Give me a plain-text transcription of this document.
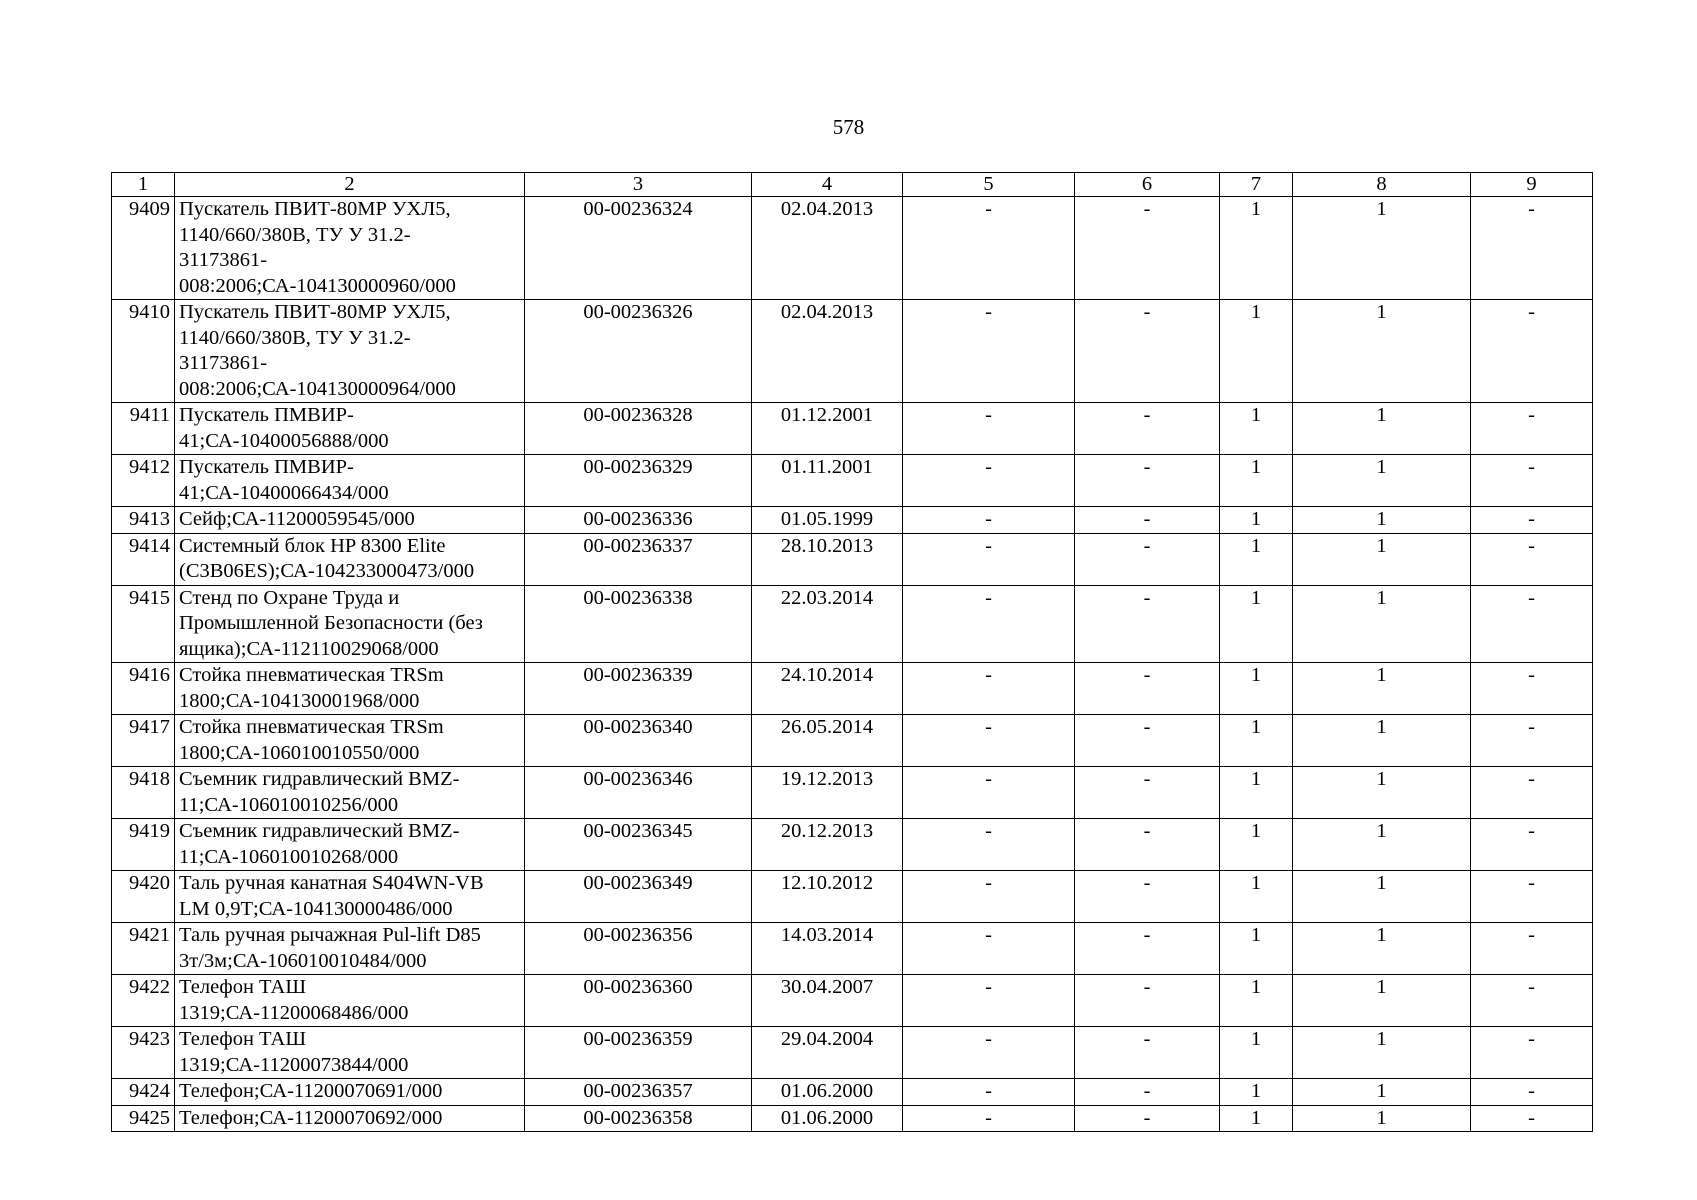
578
1	2	3	4	5	6	7	8	9
9409	Пускатель ПВИТ-80МР УХЛ5,
1140/660/380В, ТУ У 31.2-
31173861-
008:2006;СА-104130000960/000	00-00236324	02.04.2013	-	-	1	1	-
9410	Пускатель ПВИТ-80МР УХЛ5,
1140/660/380В, ТУ У 31.2-
31173861-
008:2006;СА-104130000964/000	00-00236326	02.04.2013	-	-	1	1	-
9411	Пускатель ПМВИР-
41;СА-10400056888/000	00-00236328	01.12.2001	-	-	1	1	-
9412	Пускатель ПМВИР-
41;СА-10400066434/000	00-00236329	01.11.2001	-	-	1	1	-
9413	Сейф;СА-11200059545/000	00-00236336	01.05.1999	-	-	1	1	-
9414	Системный блок HP 8300 Elite
(C3B06ES);СА-104233000473/000	00-00236337	28.10.2013	-	-	1	1	-
9415	Стенд по Охране Труда и
Промышленной Безопасности (без
ящика);СА-112110029068/000	00-00236338	22.03.2014	-	-	1	1	-
9416	Стойка пневматическая TRSm
1800;СА-104130001968/000	00-00236339	24.10.2014	-	-	1	1	-
9417	Стойка пневматическая TRSm
1800;СА-106010010550/000	00-00236340	26.05.2014	-	-	1	1	-
9418	Съемник гидравлический BMZ-
11;СА-106010010256/000	00-00236346	19.12.2013	-	-	1	1	-
9419	Съемник гидравлический BMZ-
11;СА-106010010268/000	00-00236345	20.12.2013	-	-	1	1	-
9420	Таль ручная канатная S404WN-VB
LM 0,9Т;СА-104130000486/000	00-00236349	12.10.2012	-	-	1	1	-
9421	Таль ручная рычажная Pul-lift D85
3т/3м;СА-106010010484/000	00-00236356	14.03.2014	-	-	1	1	-
9422	Телефон ТАШ
1319;СА-11200068486/000	00-00236360	30.04.2007	-	-	1	1	-
9423	Телефон ТАШ
1319;СА-11200073844/000	00-00236359	29.04.2004	-	-	1	1	-
9424	Телефон;СА-11200070691/000	00-00236357	01.06.2000	-	-	1	1	-
9425	Телефон;СА-11200070692/000	00-00236358	01.06.2000	-	-	1	1	-
